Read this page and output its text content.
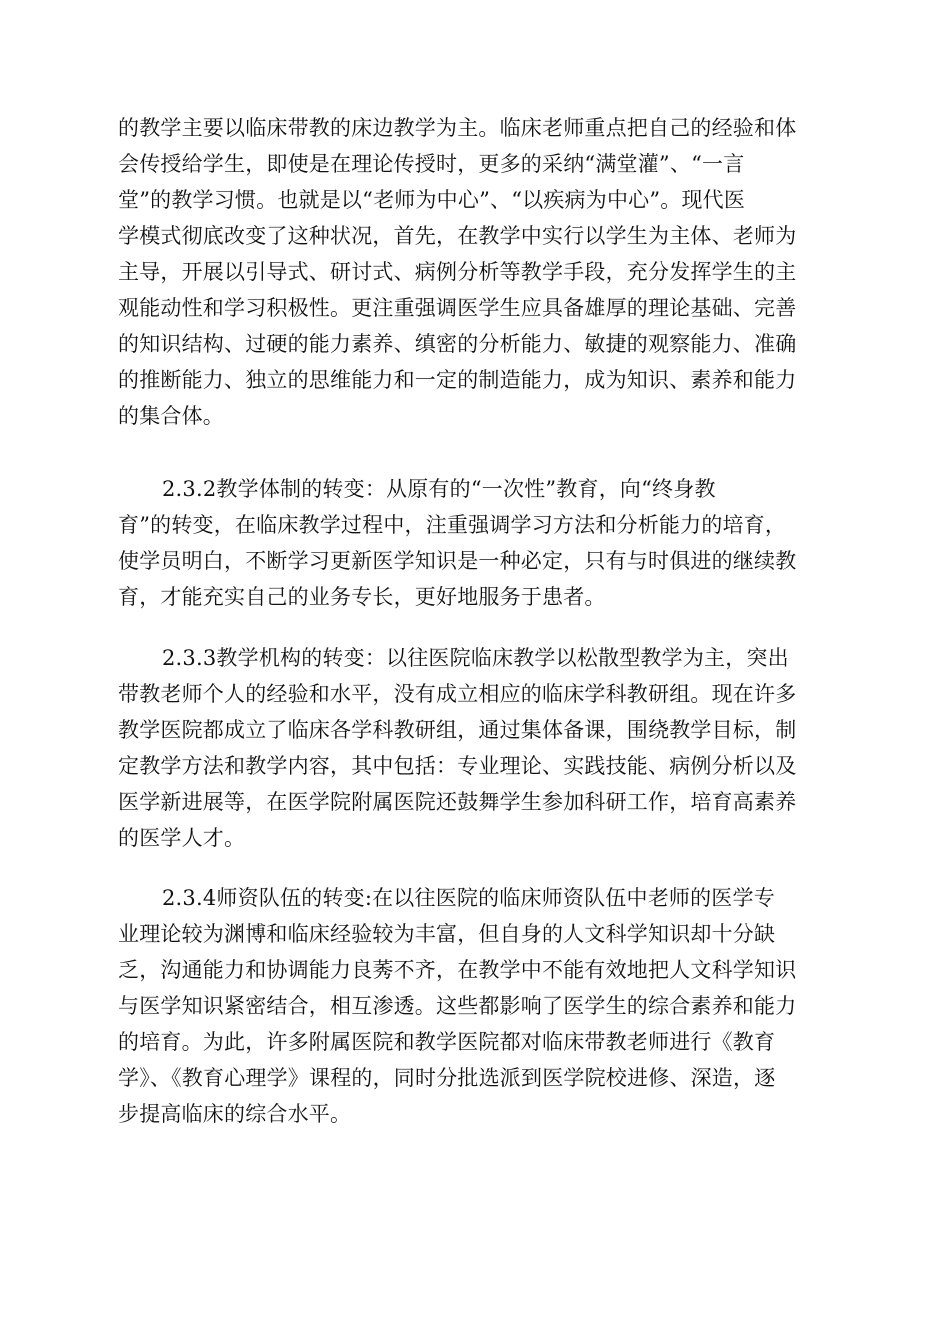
的教学主要以临床带教的床边教学为主。临床老师重点把自己的经验和体
会传授给学生，即使是在理论传授时，更多的采纳“满堂灌”、“一言
堂”的教学习惯。也就是以“老师为中心”、“以疾病为中心”。现代医
学模式彻底改变了这种状况，首先，在教学中实行以学生为主体、老师为
主导，开展以引导式、研讨式、病例分析等教学手段，充分发挥学生的主
观能动性和学习积极性。更注重强调医学生应具备雄厚的理论基础、完善
的知识结构、过硬的能力素养、缜密的分析能力、敏捷的观察能力、准确
的推断能力、独立的思维能力和一定的制造能力，成为知识、素养和能力
的集合体。
2.3.2教学体制的转变：从原有的“一次性”教育，向“终身教
育”的转变，在临床教学过程中，注重强调学习方法和分析能力的培育，
使学员明白，不断学习更新医学知识是一种必定，只有与时俱进的继续教
育，才能充实自己的业务专长，更好地服务于患者。
2.3.3教学机构的转变：以往医院临床教学以松散型教学为主，突出
带教老师个人的经验和水平，没有成立相应的临床学科教研组。现在许多
教学医院都成立了临床各学科教研组，通过集体备课，围绕教学目标，制
定教学方法和教学内容，其中包括：专业理论、实践技能、病例分析以及
医学新进展等，在医学院附属医院还鼓舞学生参加科研工作，培育高素养
的医学人才。
2.3.4师资队伍的转变:在以往医院的临床师资队伍中老师的医学专
业理论较为渊博和临床经验较为丰富，但自身的人文科学知识却十分缺
乏，沟通能力和协调能力良莠不齐，在教学中不能有效地把人文科学知识
与医学知识紧密结合，相互渗透。这些都影响了医学生的综合素养和能力
的培育。为此，许多附属医院和教学医院都对临床带教老师进行《教育
学》、《教育心理学》课程的，同时分批选派到医学院校进修、深造，逐
步提高临床的综合水平。
